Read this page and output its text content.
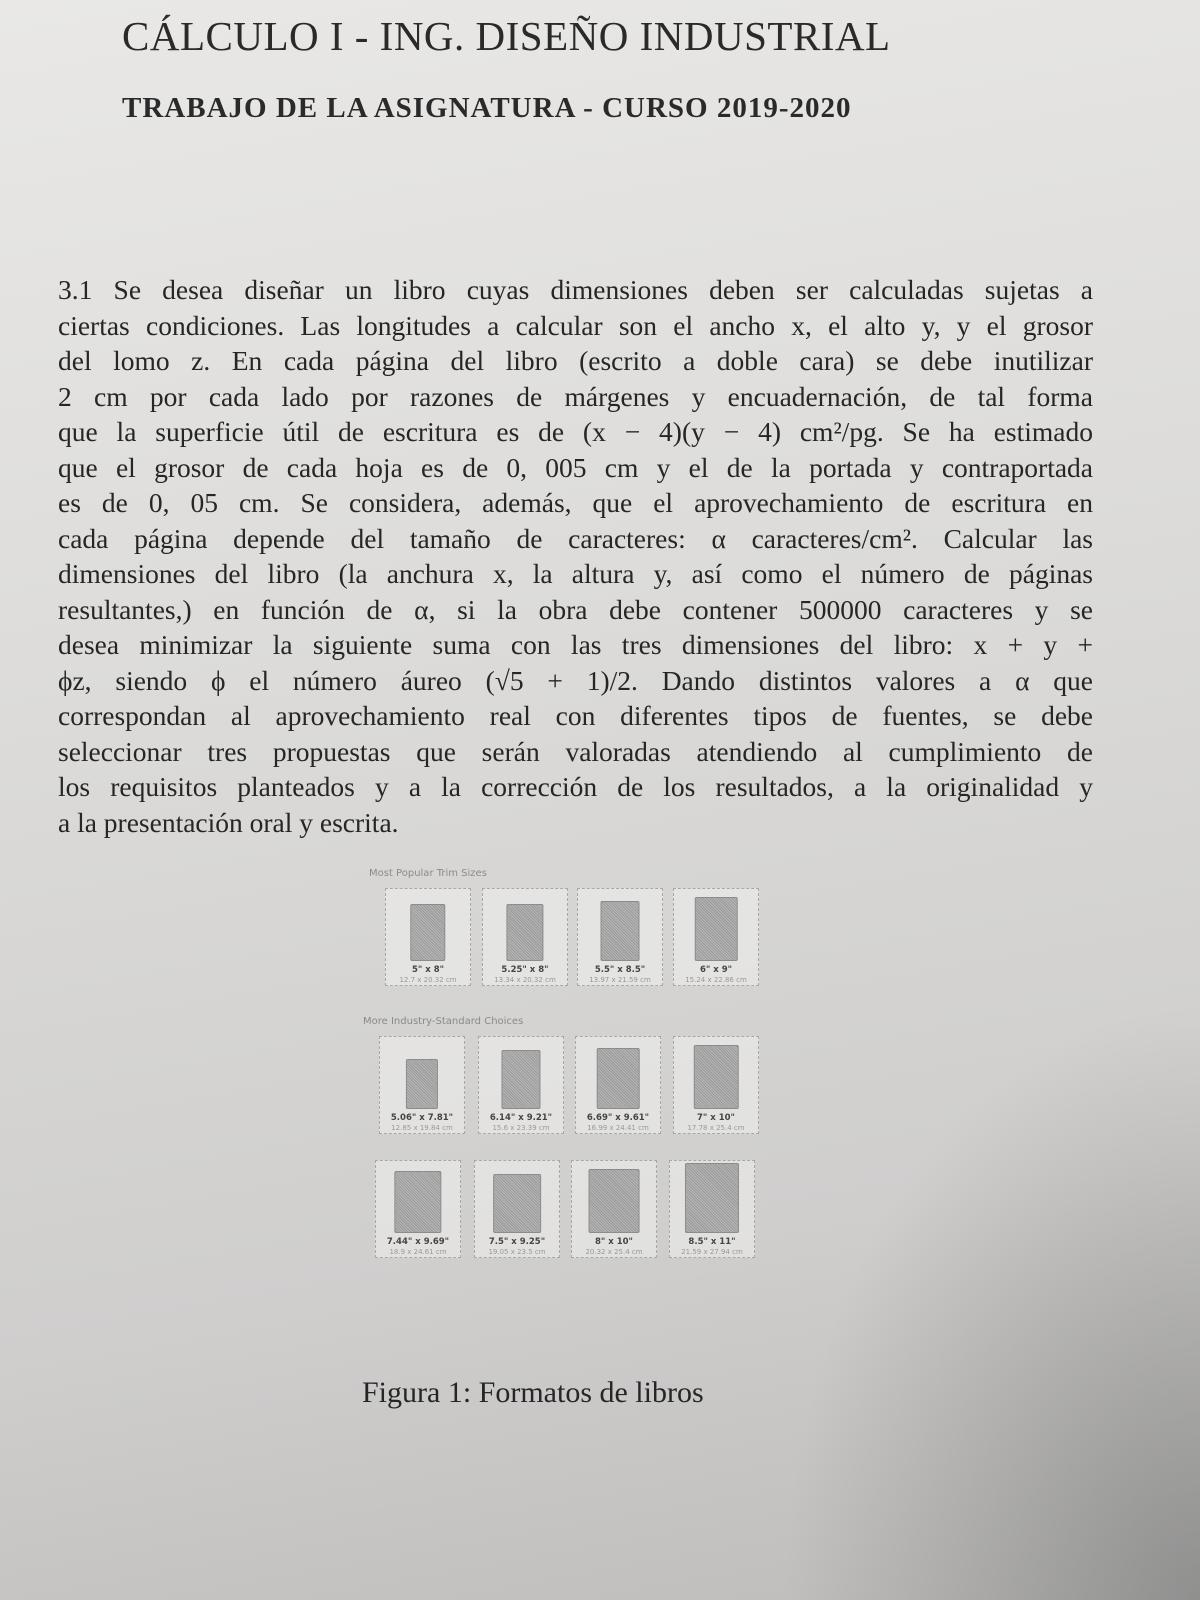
CÁLCULO I - ING. DISEÑO INDUSTRIAL
TRABAJO DE LA ASIGNATURA - CURSO 2019-2020
3.1 Se desea diseñar un libro cuyas dimensiones deben ser calculadas sujetas a
ciertas condiciones. Las longitudes a calcular son el ancho x, el alto y, y el grosor
del lomo z. En cada página del libro (escrito a doble cara) se debe inutilizar
2 cm por cada lado por razones de márgenes y encuadernación, de tal forma
que la superficie útil de escritura es de (x − 4)(y − 4) cm²/pg. Se ha estimado
que el grosor de cada hoja es de 0, 005 cm y el de la portada y contraportada
es de 0, 05 cm. Se considera, además, que el aprovechamiento de escritura en
cada página depende del tamaño de caracteres: α caracteres/cm². Calcular las
dimensiones del libro (la anchura x, la altura y, así como el número de páginas
resultantes,) en función de α, si la obra debe contener 500000 caracteres y se
desea minimizar la siguiente suma con las tres dimensiones del libro: x + y +
ϕz, siendo ϕ el número áureo (√5 + 1)/2. Dando distintos valores a α que
correspondan al aprovechamiento real con diferentes tipos de fuentes, se debe
seleccionar tres propuestas que serán valoradas atendiendo al cumplimiento de
los requisitos planteados y a la corrección de los resultados, a la originalidad y
a la presentación oral y escrita.
Most Popular Trim Sizes
More Industry-Standard Choices
5" x 8"
12.7 x 20.32 cm
5.25" x 8"
13.34 x 20.32 cm
5.5" x 8.5"
13.97 x 21.59 cm
6" x 9"
15.24 x 22.86 cm
5.06" x 7.81"
12.85 x 19.84 cm
6.14" x 9.21"
15.6 x 23.39 cm
6.69" x 9.61"
16.99 x 24.41 cm
7" x 10"
17.78 x 25.4 cm
7.44" x 9.69"
18.9 x 24.61 cm
7.5" x 9.25"
19.05 x 23.5 cm
8" x 10"
20.32 x 25.4 cm
8.5" x 11"
21.59 x 27.94 cm
Figura 1: Formatos de libros
